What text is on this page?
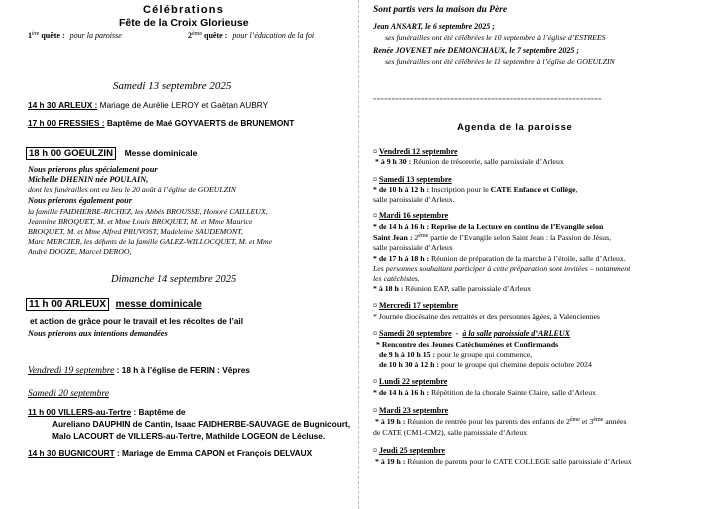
Célébrations
Fête de la Croix Glorieuse
1ère quête : pour la paroisse	2ème quête : pour l’éducation de la foi
Samedi 13 septembre 2025
14 h 30 ARLEUX : Mariage de Aurélie LEROY et Gaëtan AUBRY
17 h 00 FRESSIES : Baptême de Maé GOYVAERTS de BRUNEMONT
18 h 00 GOEULZIN Messe dominicale
Nous prierons plus spécialement pour
Michelle DHENIN née POULAIN,
dont les funérailles ont eu lieu le 20 août à l’église de GOEULZIN
Nous prierons également pour
la famille FAIDHERBE-RICHEZ, les Abbés BROUSSE, Honoré CAILLEUX,
Jeannine BROQUET, M. et Mme Louis BROQUET, M. et Mme Maurice
BROQUET, M. et Mme Alfred PRUVOST, Madeleine SAUDEMONT,
Marc MERCIER, les défunts de la famille GALEZ-WILLOCQUET, M. et Mme
André DOOZE, Marcel DEROO,
Dimanche 14 septembre 2025
11 h 00 ARLEUX messe dominicale
et action de grâce pour le travail et les récoltes de l’ail
Nous prierons aux intentions demandées
Vendredi 19 septembre : 18 h à l’église de FERIN : Vêpres
Samedi 20 septembre
11 h 00 VILLERS-au-Tertre : Baptême de
Aureliano DAUPHIN de Cantin, Isaac FAIDHERBE-SAUVAGE de Bugnicourt,
Malo LACOURT de VILLERS-au-Tertre, Mathilde LOGEON de Lécluse.
14 h 30 BUGNICOURT : Mariage de Emma CAPON et François DELVAUX
Sont partis vers la maison du Père
Jean ANSART, le 6 septembre 2025 ;
ses funérailles ont été célébrées le 10 septembre à l’église d’ESTREES
Renée JOVENET née DEMONCHAUX, le 7 septembre 2025 ;
ses funérailles ont été célébrées le 11 septembre à l’église de GOEULZIN
==============================================================
Agenda de la paroisse
¤ Vendredi 12 septembre
* à 9 h 30 : Réunion de trésorerie, salle paroissiale d’Arleux
¤ Samedi 13 septembre
* de 10 h à 12 h : Inscription pour le CATE Enfance et Collège,
salle paroissiale d’Arleux.
¤ Mardi 16 septembre
* de 14 h à 16 h : Reprise de la Lecture en continu de l’Evangile selon
Saint Jean : 2ème partie de l’Evangile selon Saint Jean : la Passion de Jésus,
salle paroissiale d’Arleux
* de 17 h à 18 h : Réunion de préparation de la marche à l’étoile, salle d’Arleux.
Les personnes souhaitant participer à cette préparation sont invitées – notamment
les catéchistes.
* à 18 h : Réunion EAP, salle paroissiale d’Arleux
¤ Mercredi 17 septembre
* Journée diocésaine des retraités et des personnes âgées, à Valenciennes
¤ Samedi 20 septembre  -  à la salle paroissiale d’ARLEUX
* Rencontre des Jeunes Catéchumènes et Confirmands
de 9 h à 10 h 15 : pour le groupe qui commence,
de 10 h 30 à 12 h : pour le groupe qui chemine depuis octobre 2024
¤ Lundi 22 septembre
* de 14 h à 16 h : Répétition de la chorale Sainte Claire, salle d’Arleux
¤ Mardi 23 septembre
* à 19 h : Réunion de rentrée pour les parents des enfants de 2ème et 3ème années
de CATE (CM1-CM2), salle paroissiale d’Arleux
¤ Jeudi 25 septembre
* à 19 h : Réunion de parents pour le CATE COLLEGE salle paroissiale d’Arleux
